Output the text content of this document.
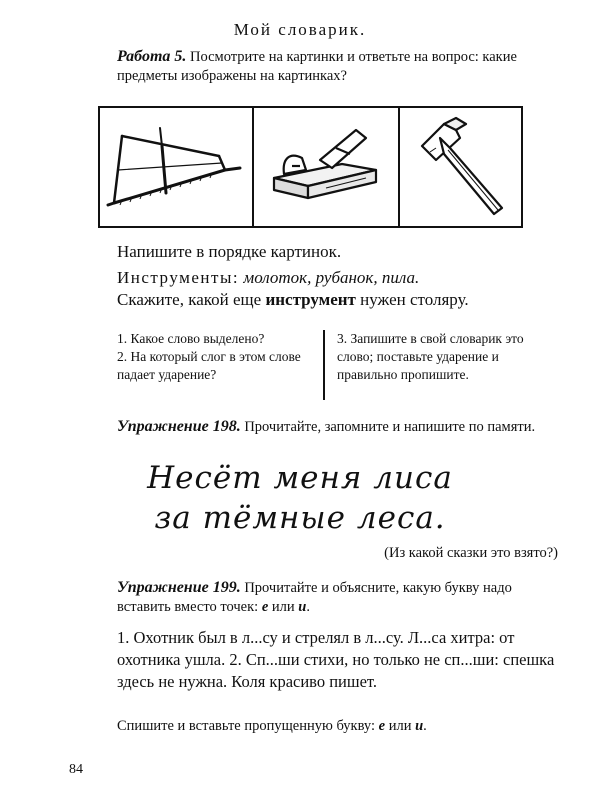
Мой словарик.
Работа 5. Посмотрите на картинки и ответьте на вопрос: какие предметы изображены на картинках?
Напишите в порядке картинок.
Инструменты: молоток, рубанок, пила.
Скажите, какой еще инструмент нужен столяру.
1. Какое слово выделено?
2. На который слог в этом слове падает ударение?
3. Запишите в свой словарик это слово; поставьте ударение и правильно пропишите.
Упражнение 198. Прочитайте, запомните и напишите по памяти.
Несёт меня лиса
за тёмные леса.
(Из какой сказки это взято?)
Упражнение 199. Прочитайте и объясните, какую букву надо вставить вместо точек: е или и.
1. Охотник был в л...су и стрелял в л...су. Л...са хитра: от охотника ушла. 2. Сп...ши стихи, но только не сп...ши: спешка здесь не нужна. Коля красиво пишет.
Спишите и вставьте пропущенную букву: е или и.
84
